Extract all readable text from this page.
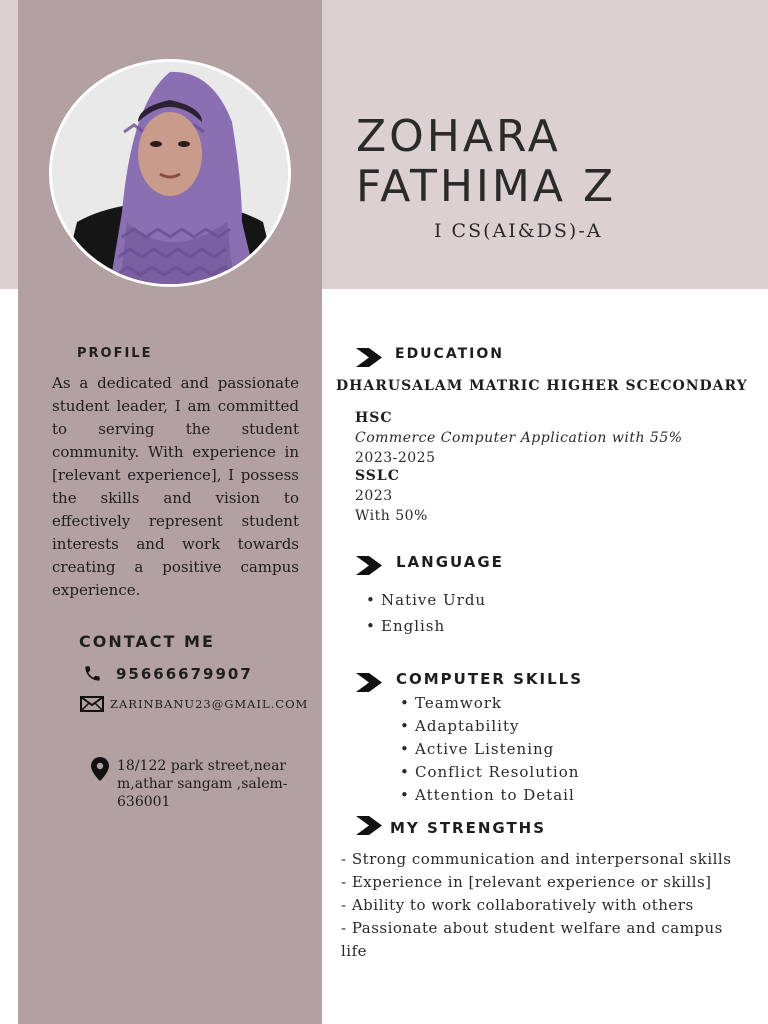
ZOHARA
FATHIMA Z
I CS(AI&DS)-A
PROFILE
As a dedicated and passionate student leader, I am committed to serving the student community. With experience in [relevant experience], I possess the skills and vision to effectively represent student interests and work towards creating a positive campus experience.
CONTACT ME
95666679907
ZARINBANU23@GMAIL.COM
18/122 park street,near m,athar sangam ,salem-636001
EDUCATION
DHARUSALAM MATRIC HIGHER SCECONDARY
HSC
Commerce Computer Application with 55%
2023-2025
SSLC
2023
With 50%
LANGUAGE
• Native Urdu
• English
COMPUTER SKILLS
• Teamwork
• Adaptability
• Active Listening
• Conflict Resolution
• Attention to Detail
MY STRENGTHS
- Strong communication and interpersonal skills
- Experience in [relevant experience or skills]
- Ability to work collaboratively with others
- Passionate about student welfare and campus life
